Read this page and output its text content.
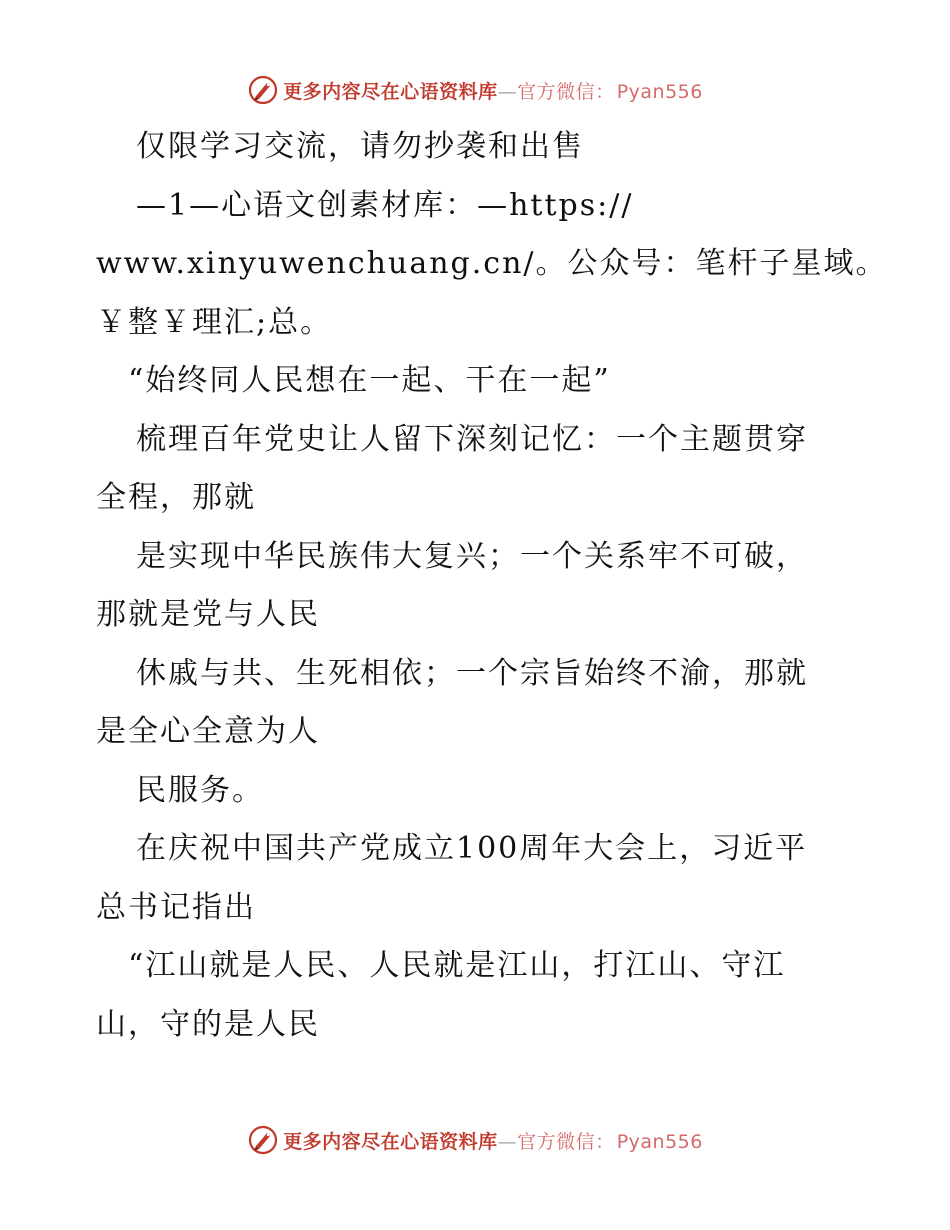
更多内容尽在心语资料库—官方微信： Pyan556
仅限学习交流，请勿抄袭和出售
—1—心语文创素材库：—https://
www.xinyuwenchuang.cn/。公众号：笔杆子星域。
￥整￥理汇;总。
“始终同人民想在一起、干在一起”
梳理百年党史让人留下深刻记忆：一个主题贯穿
全程，那就
是实现中华民族伟大复兴；一个关系牢不可破，
那就是党与人民
休戚与共、生死相依；一个宗旨始终不渝，那就
是全心全意为人
民服务。
在庆祝中国共产党成立100周年大会上，习近平
总书记指出
“江山就是人民、人民就是江山，打江山、守江
山，守的是人民
更多内容尽在心语资料库—官方微信： Pyan556
